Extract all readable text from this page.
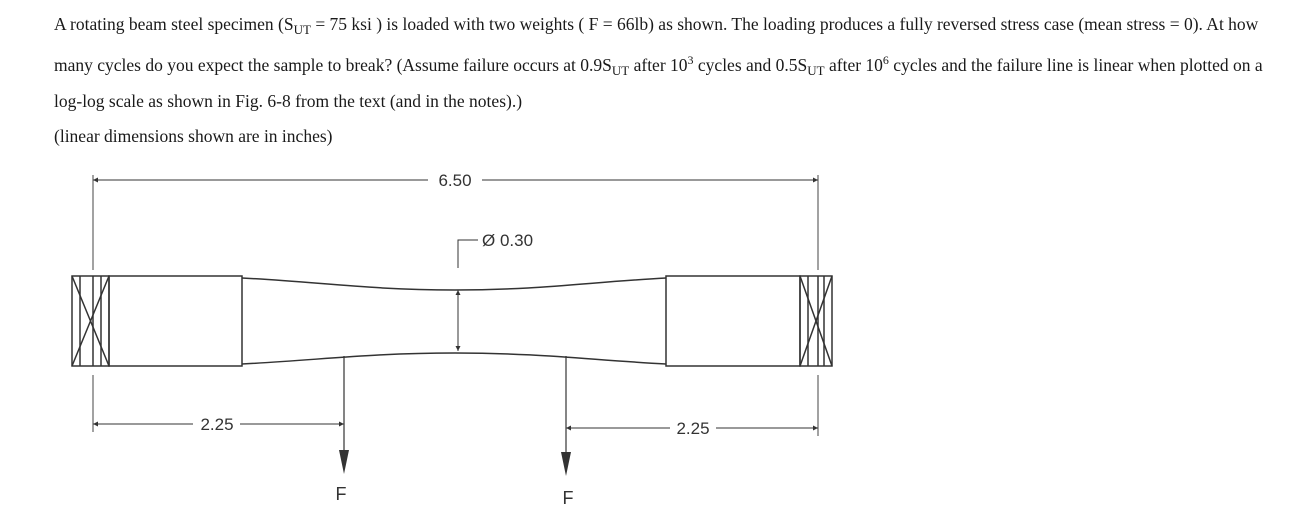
A rotating beam steel specimen ($S_{UT} = 75$ ksi ) is loaded with two weights ( F = 66lb) as shown. The loading produces a fully reversed stress case (mean stress = 0). At how many cycles do you expect the sample to break? (Assume failure occurs at $0.9S_{UT}$ after $10^3$ cycles and $0.5S_{UT}$ after $10^6$ cycles and the failure line is linear when plotted on a log-log scale as shown in Fig. 6-8 from the text (and in the notes).)

(linear dimensions shown are in inches)

6.50
Ø 0.30
2.25	2.25
F	F
